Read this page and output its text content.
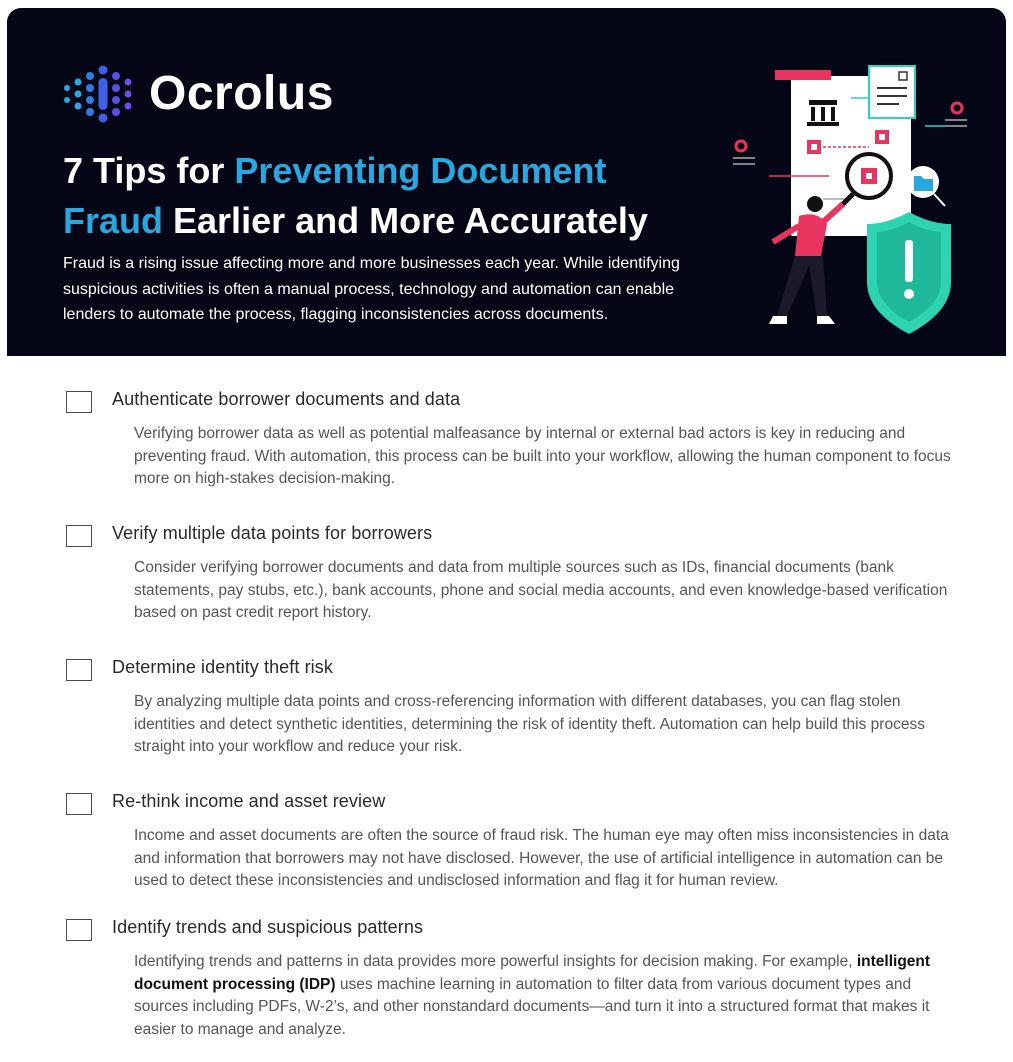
Ocrolus
7 Tips for Preventing Document Fraud Earlier and More Accurately

Fraud is a rising issue affecting more and more businesses each year. While identifying suspicious activities is often a manual process, technology and automation can enable lenders to automate the process, flagging inconsistencies across documents.

Authenticate borrower documents and data

Verifying borrower data as well as potential malfeasance by internal or external bad actors is key in reducing and preventing fraud. With automation, this process can be built into your workflow, allowing the human component to focus more on high-stakes decision-making.

Verify multiple data points for borrowers

Consider verifying borrower documents and data from multiple sources such as IDs, financial documents (bank statements, pay stubs, etc.), bank accounts, phone and social media accounts, and even knowledge-based verification based on past credit report history.

Determine identity theft risk

By analyzing multiple data points and cross-referencing information with different databases, you can flag stolen identities and detect synthetic identities, determining the risk of identity theft. Automation can help build this process straight into your workflow and reduce your risk.

Re-think income and asset review

Income and asset documents are often the source of fraud risk. The human eye may often miss inconsistencies in data and information that borrowers may not have disclosed. However, the use of artificial intelligence in automation can be used to detect these inconsistencies and undisclosed information and flag it for human review.

Identify trends and suspicious patterns

Identifying trends and patterns in data provides more powerful insights for decision making. For example, intelligent document processing (IDP) uses machine learning in automation to filter data from various document types and sources including PDFs, W-2’s, and other nonstandard documents—and turn it into a structured format that makes it easier to manage and analyze.
